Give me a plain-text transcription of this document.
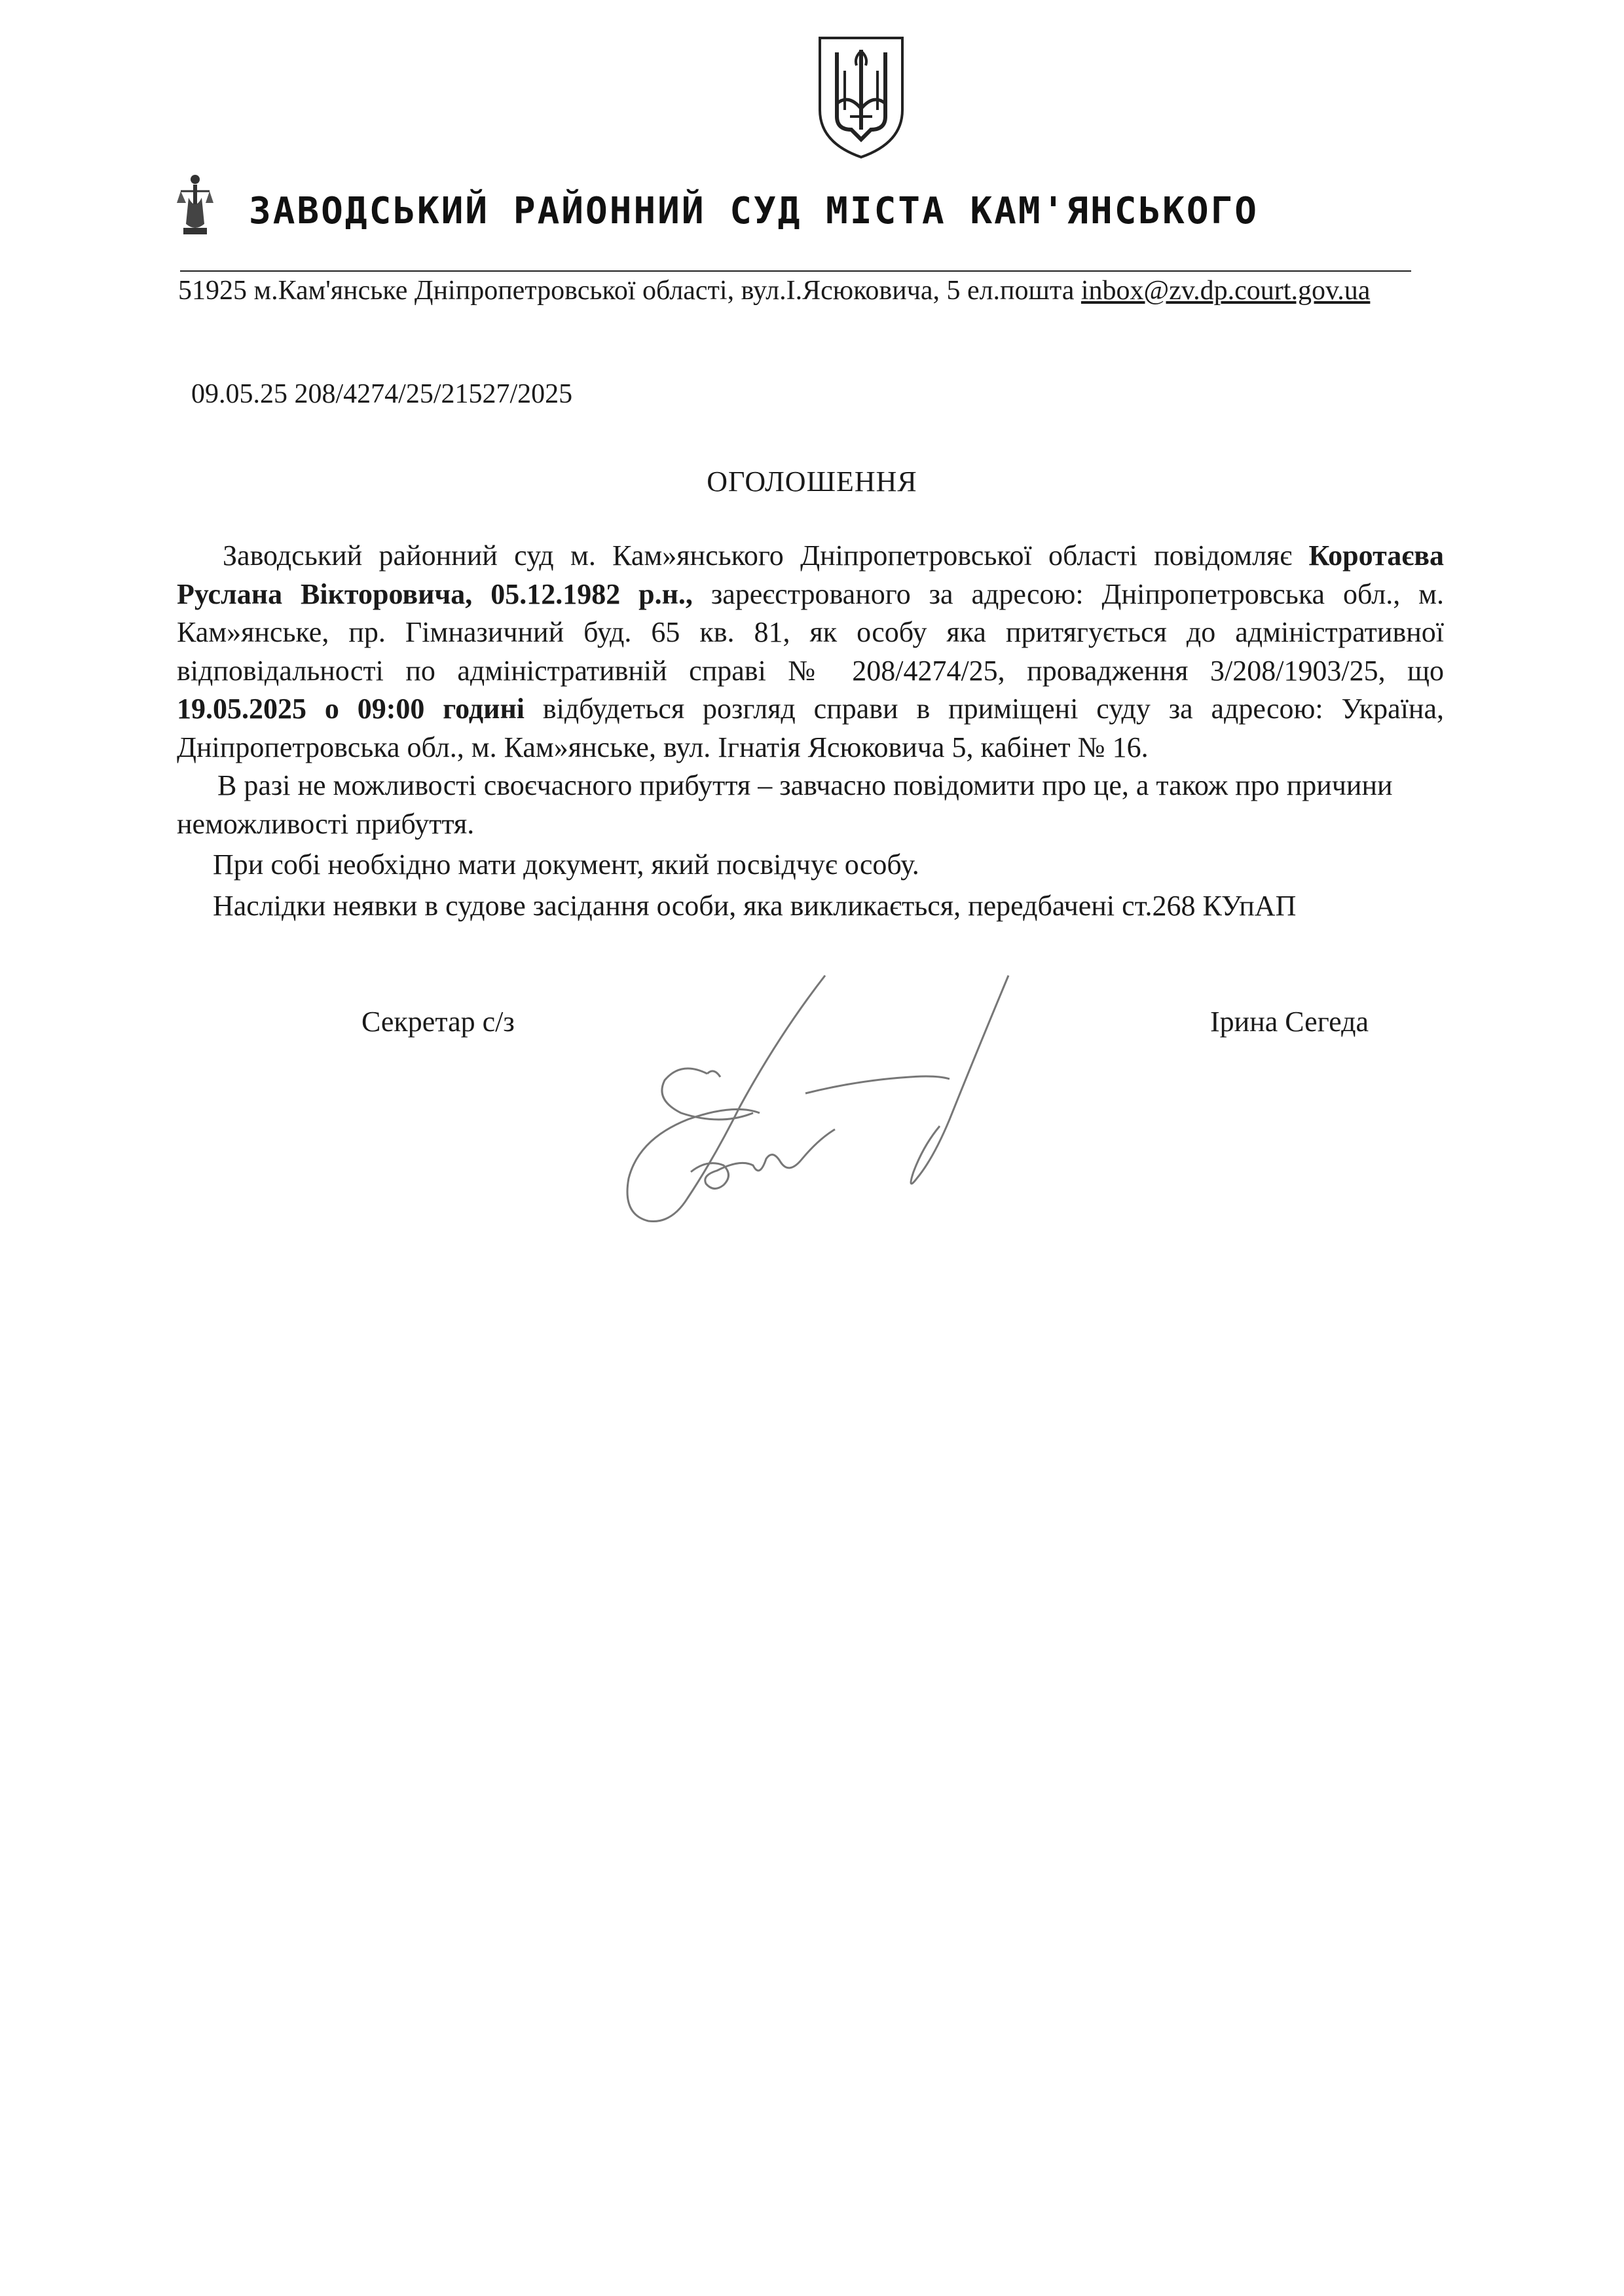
ЗАВОДСЬКИЙ РАЙОННИЙ СУД МІСТА КАМ'ЯНСЬКОГО
51925 м.Кам'янське Дніпропетровської області, вул.І.Ясюковича, 5 ел.пошта inbox@zv.dp.court.gov.ua
09.05.25 208/4274/25/21527/2025
ОГОЛОШЕННЯ

Заводський районний суд м. Кам»янського Дніпропетровської області повідомляє Коротаєва Руслана Вікторовича, 05.12.1982 р.н., зареєстрованого за адресою: Дніпропетровська обл., м. Кам»янське, пр. Гімназичний буд. 65 кв. 81, як особу яка притягується до адміністративної відповідальності по адміністративній справі № 208/4274/25, провадження 3/208/1903/25, що 19.05.2025 о 09:00 годині відбудеться розгляд справи в приміщені суду за адресою: Україна, Дніпропетровська обл., м. Кам»янське, вул. Ігнатія Ясюковича 5, кабінет № 16.

В разі не можливості своєчасного прибуття – завчасно повідомити про це, а також про причини неможливості прибуття.

При собі необхідно мати документ, який посвідчує особу.

Наслідки неявки в судове засідання особи, яка викликається, передбачені ст.268 КУпАП

Секретар с/з	Ірина Сегеда
